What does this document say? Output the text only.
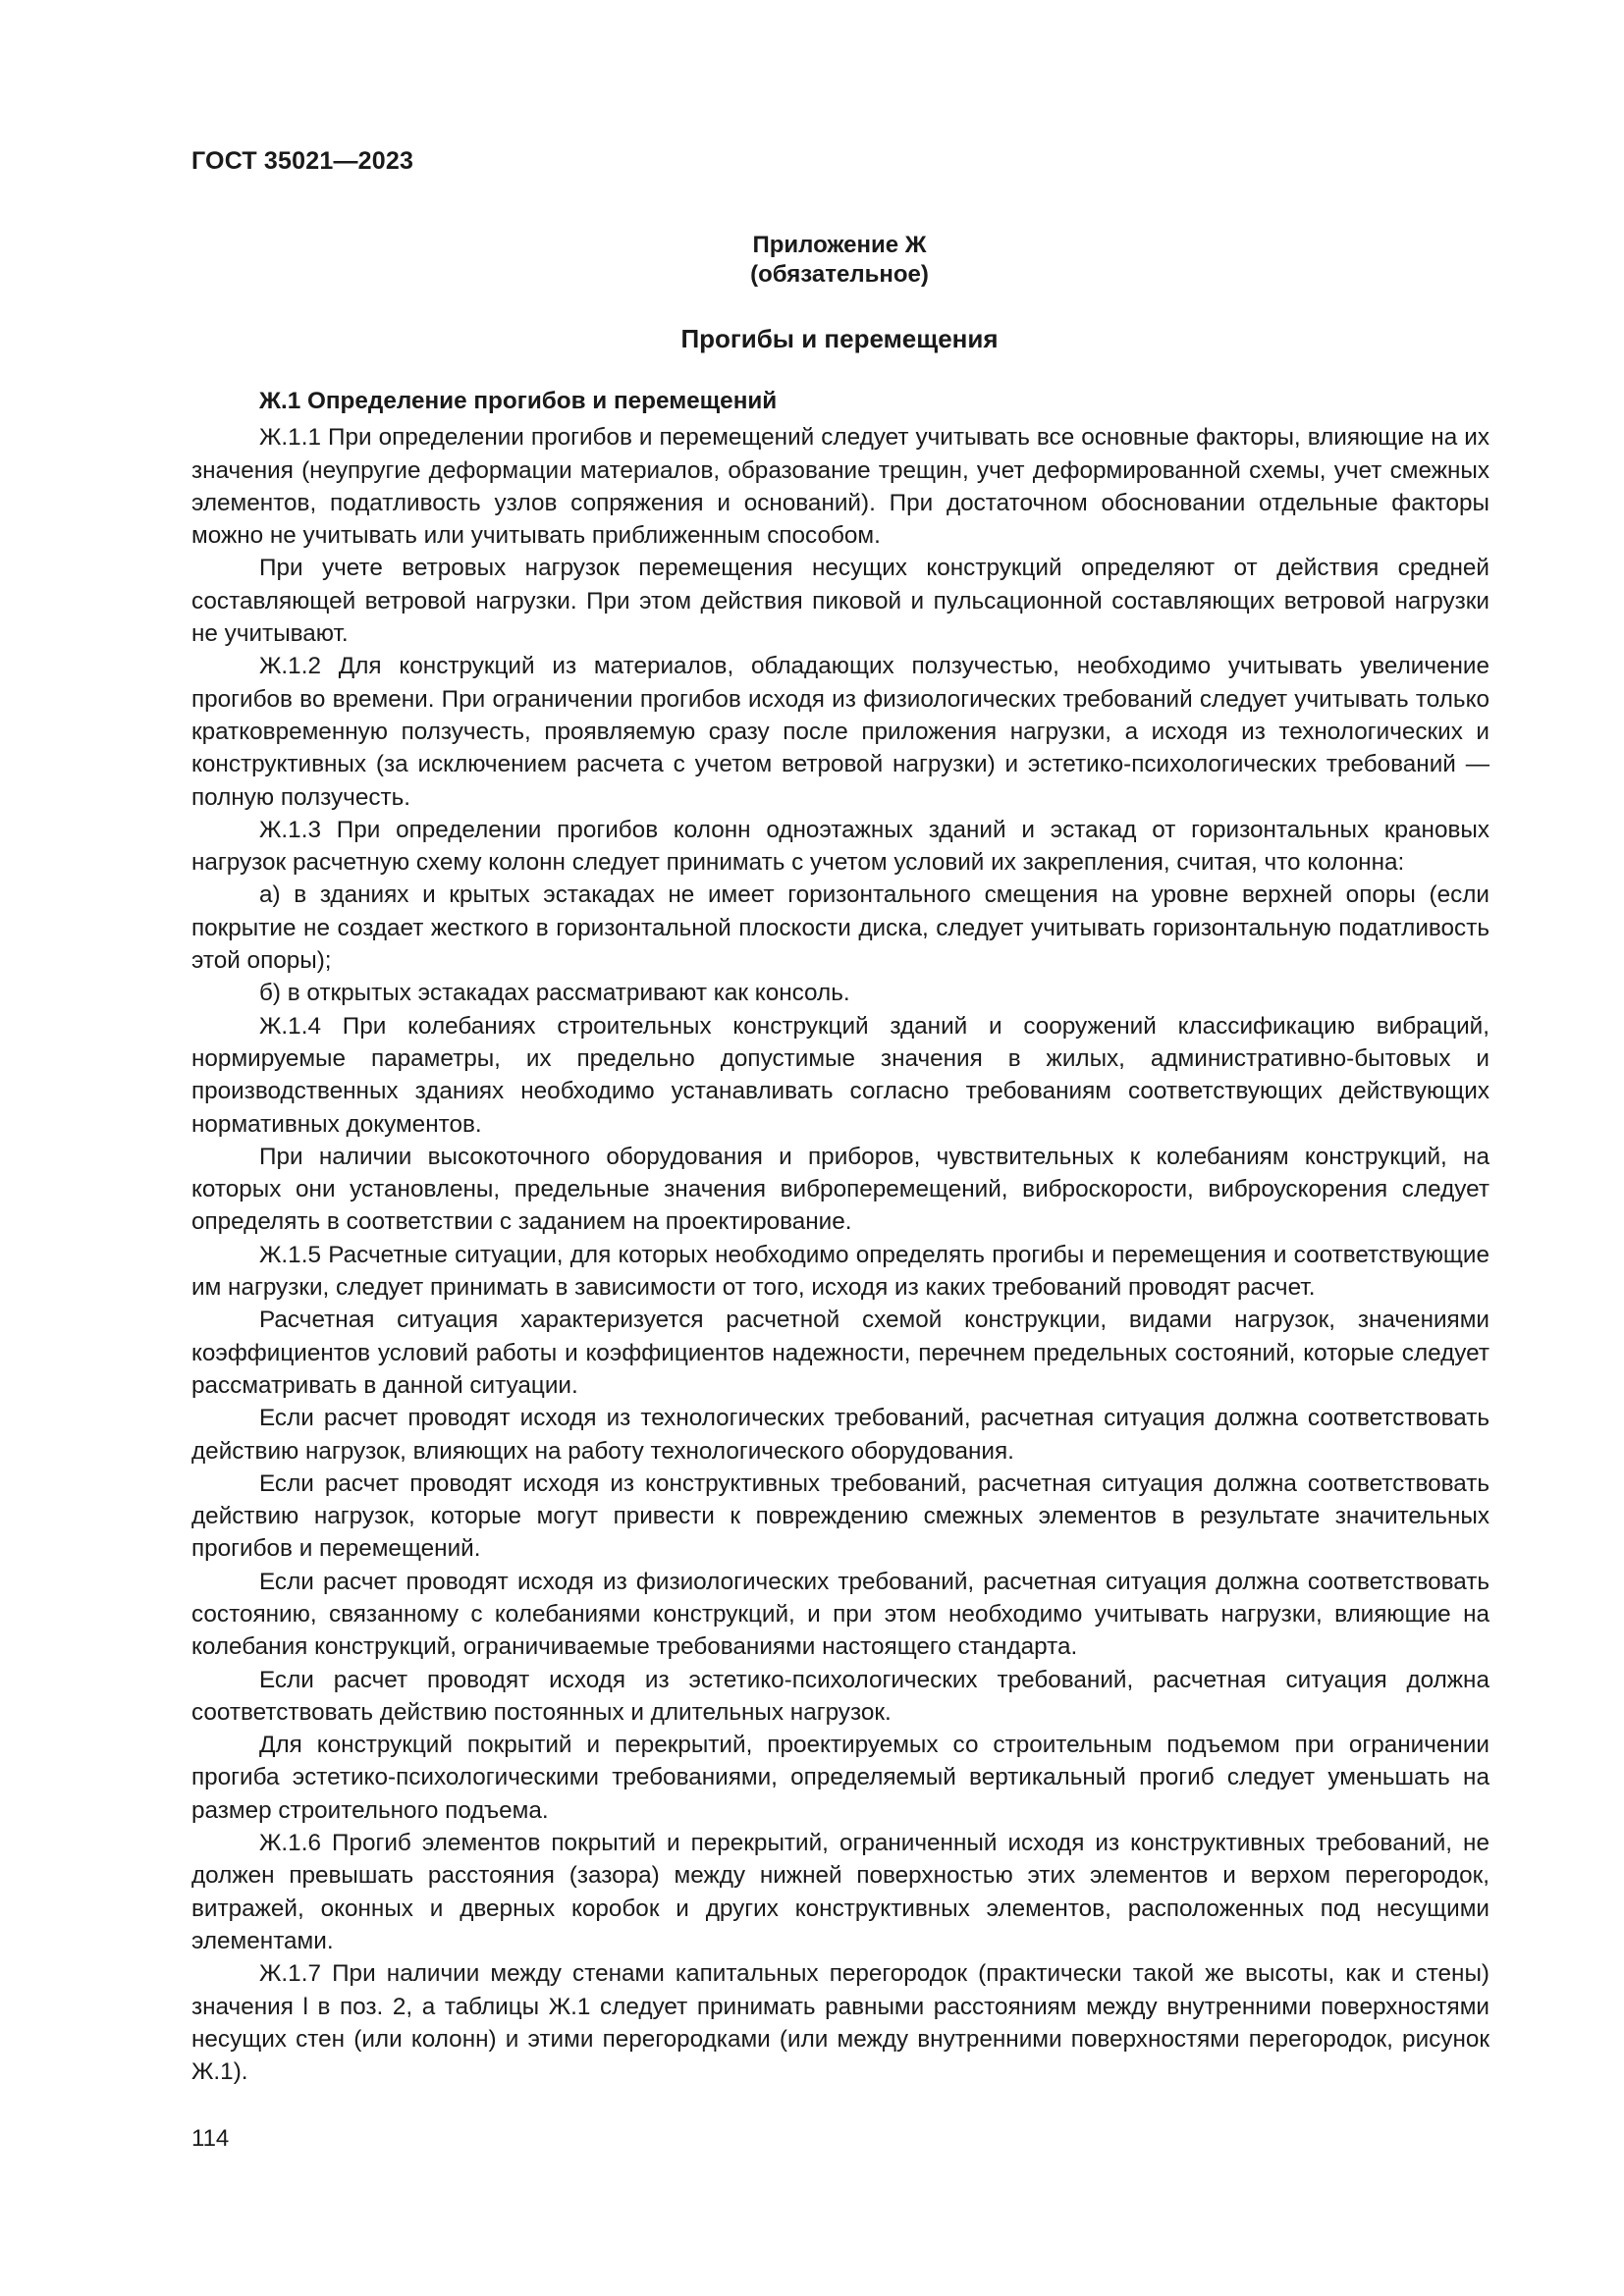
ГОСТ 35021—2023
Приложение Ж
(обязательное)
Прогибы и перемещения

Ж.1 Определение прогибов и перемещений

Ж.1.1 При определении прогибов и перемещений следует учитывать все основные факторы, влияющие на их значения (неупругие деформации материалов, образование трещин, учет деформированной схемы, учет смежных элементов, податливость узлов сопряжения и оснований). При достаточном обосновании отдельные факторы можно не учитывать или учитывать приближенным способом.

При учете ветровых нагрузок перемещения несущих конструкций определяют от действия средней составляющей ветровой нагрузки. При этом действия пиковой и пульсационной составляющих ветровой нагрузки не учитывают.

Ж.1.2 Для конструкций из материалов, обладающих ползучестью, необходимо учитывать увеличение прогибов во времени. При ограничении прогибов исходя из физиологических требований следует учитывать только кратковременную ползучесть, проявляемую сразу после приложения нагрузки, а исходя из технологических и конструктивных (за исключением расчета с учетом ветровой нагрузки) и эстетико-психологических требований — полную ползучесть.

Ж.1.3 При определении прогибов колонн одноэтажных зданий и эстакад от горизонтальных крановых нагрузок расчетную схему колонн следует принимать с учетом условий их закрепления, считая, что колонна:

а) в зданиях и крытых эстакадах не имеет горизонтального смещения на уровне верхней опоры (если покрытие не создает жесткого в горизонтальной плоскости диска, следует учитывать горизонтальную податливость этой опоры);

б) в открытых эстакадах рассматривают как консоль.

Ж.1.4 При колебаниях строительных конструкций зданий и сооружений классификацию вибраций, нормируемые параметры, их предельно допустимые значения в жилых, административно-бытовых и производственных зданиях необходимо устанавливать согласно требованиям соответствующих действующих нормативных документов.

При наличии высокоточного оборудования и приборов, чувствительных к колебаниям конструкций, на которых они установлены, предельные значения виброперемещений, виброскорости, виброускорения следует определять в соответствии с заданием на проектирование.

Ж.1.5 Расчетные ситуации, для которых необходимо определять прогибы и перемещения и соответствующие им нагрузки, следует принимать в зависимости от того, исходя из каких требований проводят расчет.

Расчетная ситуация характеризуется расчетной схемой конструкции, видами нагрузок, значениями коэффициентов условий работы и коэффициентов надежности, перечнем предельных состояний, которые следует рассматривать в данной ситуации.

Если расчет проводят исходя из технологических требований, расчетная ситуация должна соответствовать действию нагрузок, влияющих на работу технологического оборудования.

Если расчет проводят исходя из конструктивных требований, расчетная ситуация должна соответствовать действию нагрузок, которые могут привести к повреждению смежных элементов в результате значительных прогибов и перемещений.

Если расчет проводят исходя из физиологических требований, расчетная ситуация должна соответствовать состоянию, связанному с колебаниями конструкций, и при этом необходимо учитывать нагрузки, влияющие на колебания конструкций, ограничиваемые требованиями настоящего стандарта.

Если расчет проводят исходя из эстетико-психологических требований, расчетная ситуация должна соответствовать действию постоянных и длительных нагрузок.

Для конструкций покрытий и перекрытий, проектируемых со строительным подъемом при ограничении прогиба эстетико-психологическими требованиями, определяемый вертикальный прогиб следует уменьшать на размер строительного подъема.

Ж.1.6 Прогиб элементов покрытий и перекрытий, ограниченный исходя из конструктивных требований, не должен превышать расстояния (зазора) между нижней поверхностью этих элементов и верхом перегородок, витражей, оконных и дверных коробок и других конструктивных элементов, расположенных под несущими элементами.

Ж.1.7 При наличии между стенами капитальных перегородок (практически такой же высоты, как и стены) значения l в поз. 2, а таблицы Ж.1 следует принимать равными расстояниям между внутренними поверхностями несущих стен (или колонн) и этими перегородками (или между внутренними поверхностями перегородок, рисунок Ж.1).

114
